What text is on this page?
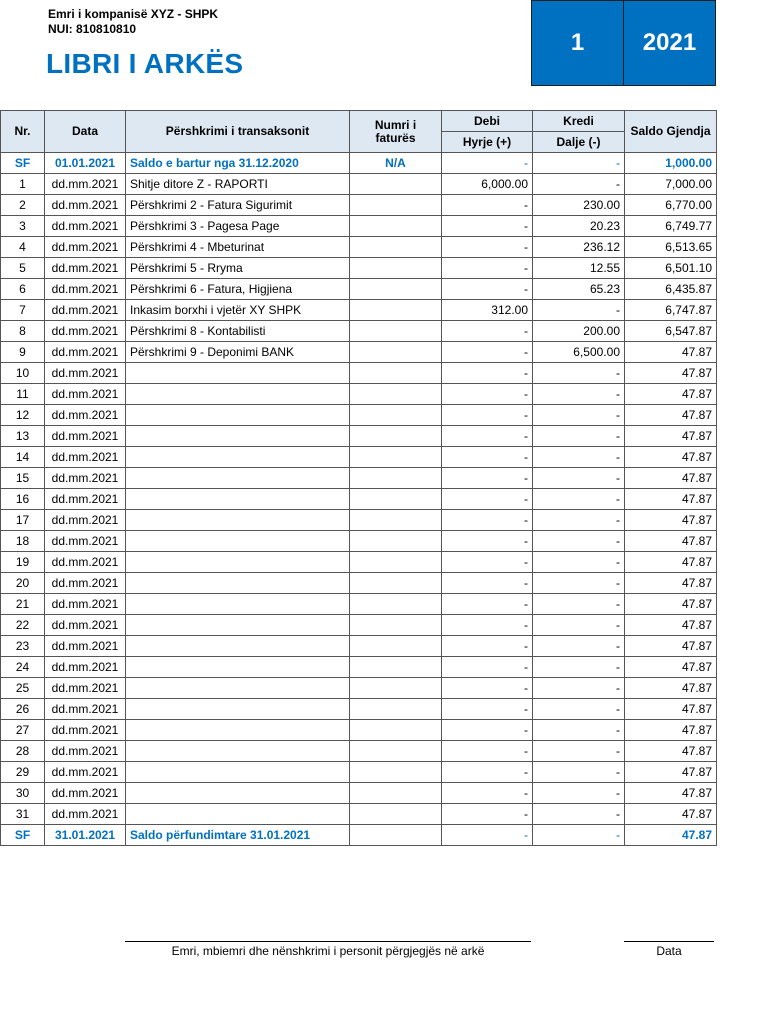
Emri i kompanisë XYZ - SHPK
NUI: 810810810
LIBRI I ARKËS
1	2021
Nr.	Data	Përshkrimi i transaksonit	Numri i faturës	Debi	Kredi	Saldo Gjendja
				Hyrje (+)	Dalje (-)	
SF	01.01.2021	Saldo e bartur nga 31.12.2020	N/A	-	-	1,000.00
1	dd.mm.2021	Shitje ditore Z - RAPORTI		6,000.00	-	7,000.00
2	dd.mm.2021	Përshkrimi 2 - Fatura Sigurimit		-	230.00	6,770.00
3	dd.mm.2021	Përshkrimi 3 - Pagesa Page		-	20.23	6,749.77
4	dd.mm.2021	Përshkrimi 4 - Mbeturinat		-	236.12	6,513.65
5	dd.mm.2021	Përshkrimi 5 - Rryma		-	12.55	6,501.10
6	dd.mm.2021	Përshkrimi 6 - Fatura, Higjiena		-	65.23	6,435.87
7	dd.mm.2021	Inkasim borxhi i vjetër XY SHPK		312.00	-	6,747.87
8	dd.mm.2021	Përshkrimi 8 - Kontabilisti		-	200.00	6,547.87
9	dd.mm.2021	Përshkrimi 9 - Deponimi BANK		-	6,500.00	47.87
10	dd.mm.2021			-	-	47.87
11	dd.mm.2021			-	-	47.87
12	dd.mm.2021			-	-	47.87
13	dd.mm.2021			-	-	47.87
14	dd.mm.2021			-	-	47.87
15	dd.mm.2021			-	-	47.87
16	dd.mm.2021			-	-	47.87
17	dd.mm.2021			-	-	47.87
18	dd.mm.2021			-	-	47.87
19	dd.mm.2021			-	-	47.87
20	dd.mm.2021			-	-	47.87
21	dd.mm.2021			-	-	47.87
22	dd.mm.2021			-	-	47.87
23	dd.mm.2021			-	-	47.87
24	dd.mm.2021			-	-	47.87
25	dd.mm.2021			-	-	47.87
26	dd.mm.2021			-	-	47.87
27	dd.mm.2021			-	-	47.87
28	dd.mm.2021			-	-	47.87
29	dd.mm.2021			-	-	47.87
30	dd.mm.2021			-	-	47.87
31	dd.mm.2021			-	-	47.87
SF	31.01.2021	Saldo përfundimtare 31.01.2021		-	-	47.87
Emri, mbiemri dhe nënshkrimi i personit përgjegjës në arkë	Data
